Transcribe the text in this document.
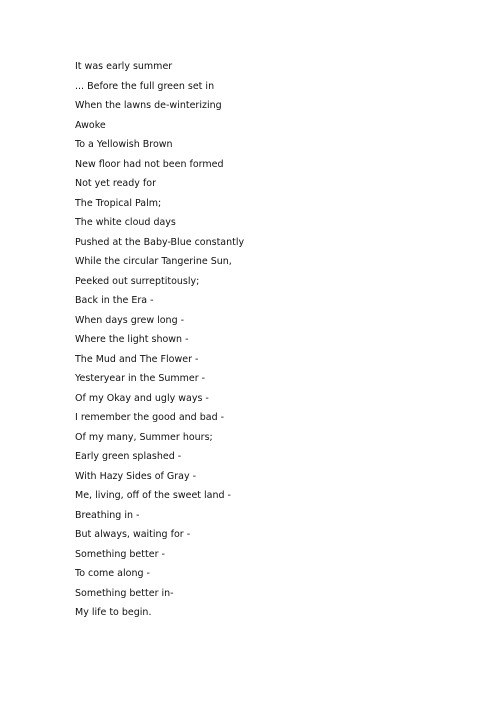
It was early summer
... Before the full green set in
When the lawns de-winterizing
Awoke
To a Yellowish Brown
New floor had not been formed
Not yet ready for
The Tropical Palm;
The white cloud days
Pushed at the Baby-Blue constantly
While the circular Tangerine Sun,
Peeked out surreptitously;
Back in the Era -
When days grew long -
Where the light shown -
The Mud and The Flower -
Yesteryear in the Summer -
Of my Okay and ugly ways -
I remember the good and bad -
Of my many, Summer hours;
Early green splashed -
With Hazy Sides of Gray -
Me, living, off of the sweet land -
Breathing in -
But always, waiting for -
Something better -
To come along -
Something better in-
My life to begin.
